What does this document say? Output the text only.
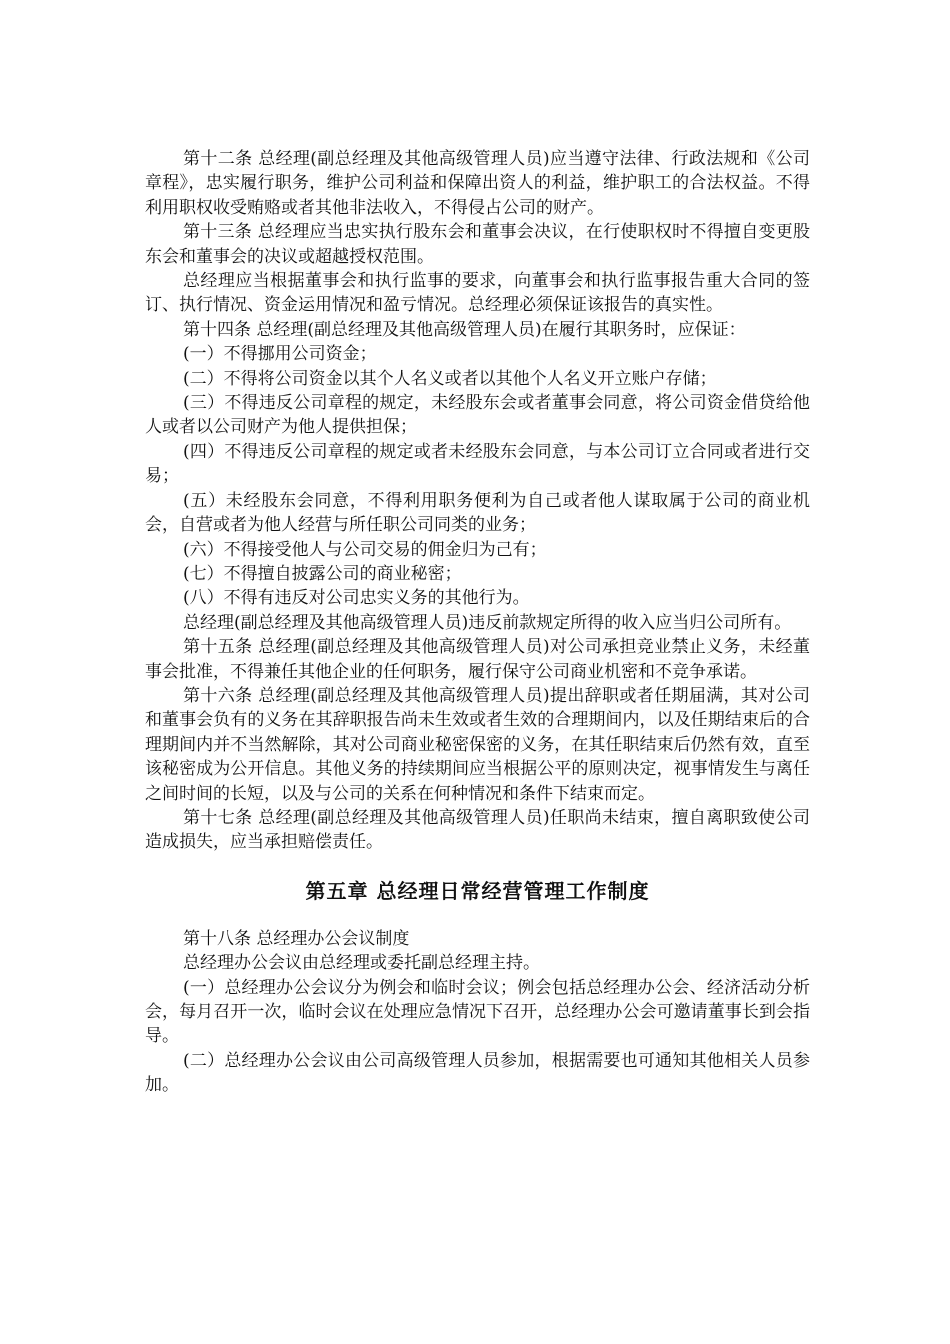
第十二条 总经理(副总经理及其他高级管理人员)应当遵守法律、行政法规和《公司章程》，忠实履行职务，维护公司利益和保障出资人的利益，维护职工的合法权益。不得利用职权收受贿赂或者其他非法收入，不得侵占公司的财产。

第十三条 总经理应当忠实执行股东会和董事会决议，在行使职权时不得擅自变更股东会和董事会的决议或超越授权范围。

总经理应当根据董事会和执行监事的要求，向董事会和执行监事报告重大合同的签订、执行情况、资金运用情况和盈亏情况。总经理必须保证该报告的真实性。

第十四条 总经理(副总经理及其他高级管理人员)在履行其职务时，应保证：

(一）不得挪用公司资金；

(二）不得将公司资金以其个人名义或者以其他个人名义开立账户存储；

(三）不得违反公司章程的规定，未经股东会或者董事会同意，将公司资金借贷给他人或者以公司财产为他人提供担保；

(四）不得违反公司章程的规定或者未经股东会同意，与本公司订立合同或者进行交易；

(五）未经股东会同意，不得利用职务便利为自己或者他人谋取属于公司的商业机会，自营或者为他人经营与所任职公司同类的业务；

(六）不得接受他人与公司交易的佣金归为己有；

(七）不得擅自披露公司的商业秘密；

(八）不得有违反对公司忠实义务的其他行为。

总经理(副总经理及其他高级管理人员)违反前款规定所得的收入应当归公司所有。

第十五条 总经理(副总经理及其他高级管理人员)对公司承担竞业禁止义务，未经董事会批准，不得兼任其他企业的任何职务，履行保守公司商业机密和不竞争承诺。

第十六条 总经理(副总经理及其他高级管理人员)提出辞职或者任期届满，其对公司和董事会负有的义务在其辞职报告尚未生效或者生效的合理期间内，以及任期结束后的合理期间内并不当然解除，其对公司商业秘密保密的义务，在其任职结束后仍然有效，直至该秘密成为公开信息。其他义务的持续期间应当根据公平的原则决定，视事情发生与离任之间时间的长短，以及与公司的关系在何种情况和条件下结束而定。

第十七条 总经理(副总经理及其他高级管理人员)任职尚未结束，擅自离职致使公司造成损失，应当承担赔偿责任。

第五章 总经理日常经营管理工作制度

第十八条 总经理办公会议制度

总经理办公会议由总经理或委托副总经理主持。

(一）总经理办公会议分为例会和临时会议；例会包括总经理办公会、经济活动分析会，每月召开一次，临时会议在处理应急情况下召开，总经理办公会可邀请董事长到会指导。

(二）总经理办公会议由公司高级管理人员参加，根据需要也可通知其他相关人员参加。
